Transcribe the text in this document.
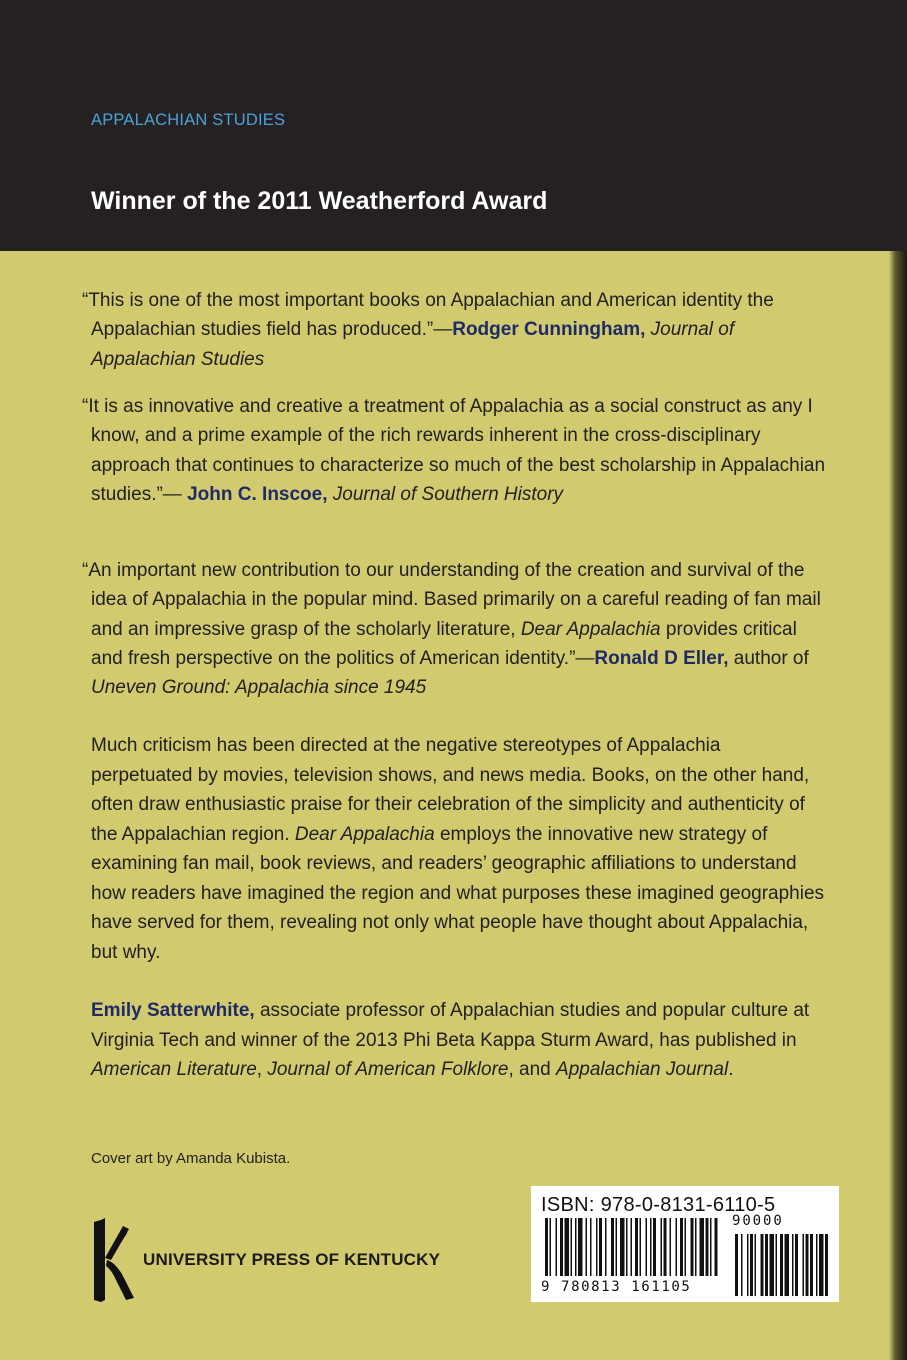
APPALACHIAN STUDIES
Winner of the 2011 Weatherford Award
“This is one of the most important books on Appalachian and American identity the Appalachian studies field has produced.”—Rodger Cunningham, Journal of Appalachian Studies
“It is as innovative and creative a treatment of Appalachia as a social construct as any I know, and a prime example of the rich rewards inherent in the cross-disciplinary approach that continues to characterize so much of the best scholarship in Appalachian studies.”— John C. Inscoe, Journal of Southern History
“An important new contribution to our understanding of the creation and survival of the idea of Appalachia in the popular mind. Based primarily on a careful reading of fan mail and an impressive grasp of the scholarly literature, Dear Appalachia provides critical and fresh perspective on the politics of American identity.”—Ronald D Eller, author of Uneven Ground: Appalachia since 1945
Much criticism has been directed at the negative stereotypes of Appalachia perpetuated by movies, television shows, and news media. Books, on the other hand, often draw enthusiastic praise for their celebration of the simplicity and authenticity of the Appalachian region. Dear Appalachia employs the innovative new strategy of examining fan mail, book reviews, and readers’ geographic affiliations to understand how readers have imagined the region and what purposes these imagined geographies have served for them, revealing not only what people have thought about Appalachia, but why.
Emily Satterwhite, associate professor of Appalachian studies and popular culture at Virginia Tech and winner of the 2013 Phi Beta Kappa Sturm Award, has published in American Literature, Journal of American Folklore, and Appalachian Journal.
Cover art by Amanda Kubista.
UNIVERSITY PRESS OF KENTUCKY
ISBN: 978-0-8131-6110-5
9 780813 161105
90000
